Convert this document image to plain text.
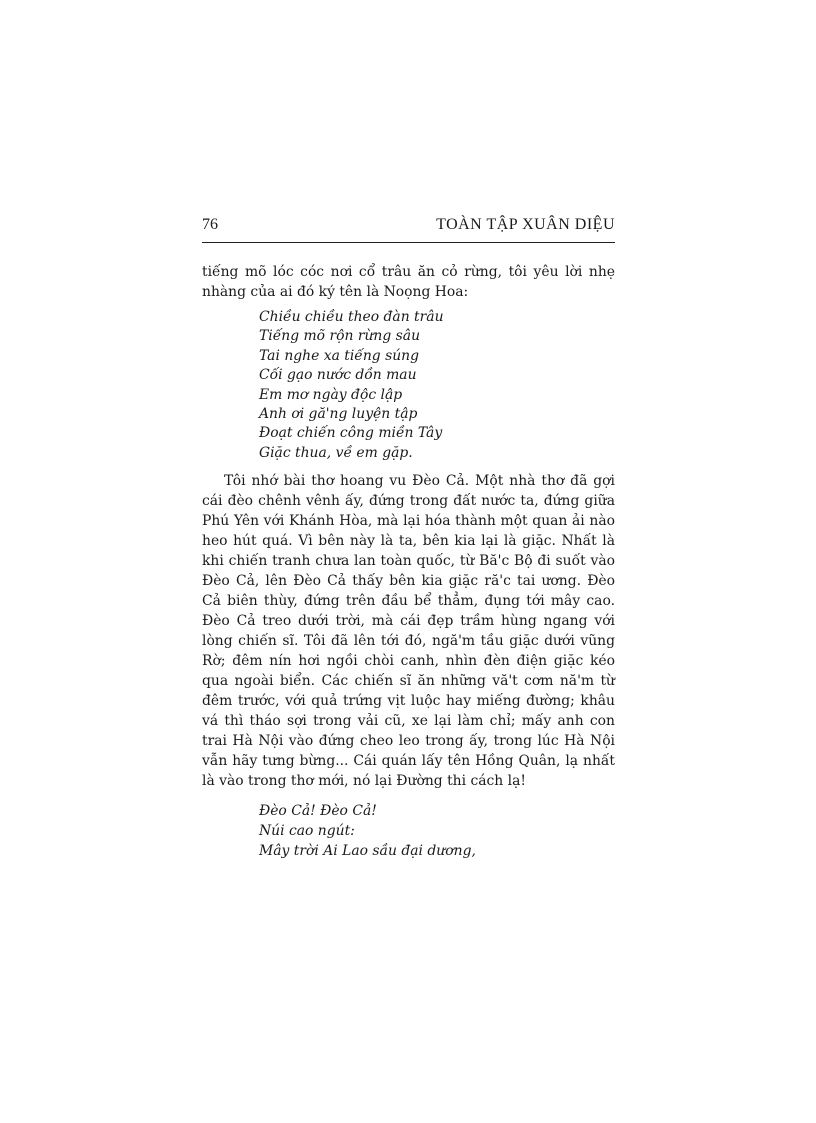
76	TOÀN TẬP XUÂN DIỆU

tiếng mõ lóc cóc nơi cổ trâu ăn cỏ rừng, tôi yêu lời nhẹ nhàng của ai đó ký tên là Noọng Hoa:

Chiều chiều theo đàn trâu
Tiếng mõ rộn rừng sâu
Tai nghe xa tiếng súng
Cối gạo nước dồn mau
Em mơ ngày độc lập
Anh ơi gă'ng luyện tập
Đoạt chiến công miền Tây
Giặc thua, về em gặp.

Tôi nhớ bài thơ hoang vu Đèo Cả. Một nhà thơ đã gợi cái đèo chênh vênh ấy, đứng trong đất nước ta, đứng giữa Phú Yên với Khánh Hòa, mà lại hóa thành một quan ải nào heo hút quá. Vì bên này là ta, bên kia lại là giặc. Nhất là khi chiến tranh chưa lan toàn quốc, từ Bă'c Bộ đi suốt vào Đèo Cả, lên Đèo Cả thấy bên kia giặc ră'c tai ương. Đèo Cả biên thùy, đứng trên đầu bể thẳm, đụng tới mây cao. Đèo Cả treo dưới trời, mà cái đẹp trầm hùng ngang với lòng chiến sĩ. Tôi đã lên tới đó, ngă'm tầu giặc dưới vũng Rờ; đêm nín hơi ngồi chòi canh, nhìn đèn điện giặc kéo qua ngoài biển. Các chiến sĩ ăn những vă't cơm nă'm từ đêm trước, với quả trứng vịt luộc hay miếng đường; khâu vá thì tháo sợi trong vải cũ, xe lại làm chỉ; mấy anh con trai Hà Nội vào đứng cheo leo trong ấy, trong lúc Hà Nội vẫn hãy tưng bừng... Cái quán lấy tên Hồng Quân, lạ nhất là vào trong thơ mới, nó lại Đường thi cách lạ!

Đèo Cả! Đèo Cả!
Núi cao ngút:
Mây trời Ai Lao sầu đại dương,
